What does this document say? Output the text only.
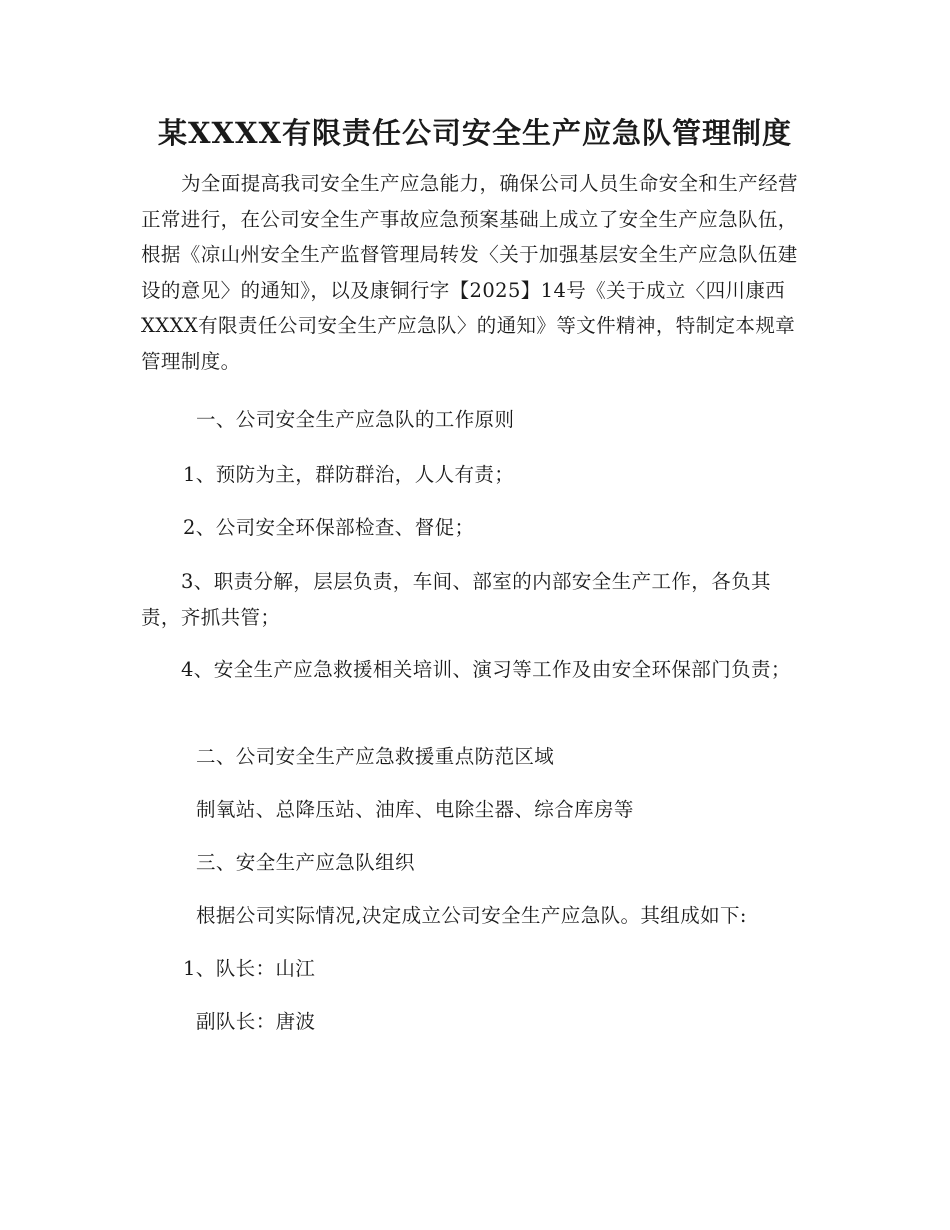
某XXXX有限责任公司安全生产应急队管理制度
为全面提高我司安全生产应急能力，确保公司人员生命安全和生产经营正常进行，在公司安全生产事故应急预案基础上成立了安全生产应急队伍，根据《凉山州安全生产监督管理局转发〈关于加强基层安全生产应急队伍建设的意见〉的通知》，以及康铜行字【2025】14号《关于成立〈四川康西XXXX有限责任公司安全生产应急队〉的通知》等文件精神，特制定本规章管理制度。
一、公司安全生产应急队的工作原则
1、预防为主，群防群治，人人有责；
2、公司安全环保部检查、督促；
3、职责分解，层层负责，车间、部室的内部安全生产工作，各负其责，齐抓共管；
4、安全生产应急救援相关培训、演习等工作及由安全环保部门负责；
二、公司安全生产应急救援重点防范区域
制氧站、总降压站、油库、电除尘器、综合库房等
三、安全生产应急队组织
根据公司实际情况,决定成立公司安全生产应急队。其组成如下:
1、队长：山江
副队长：唐波
